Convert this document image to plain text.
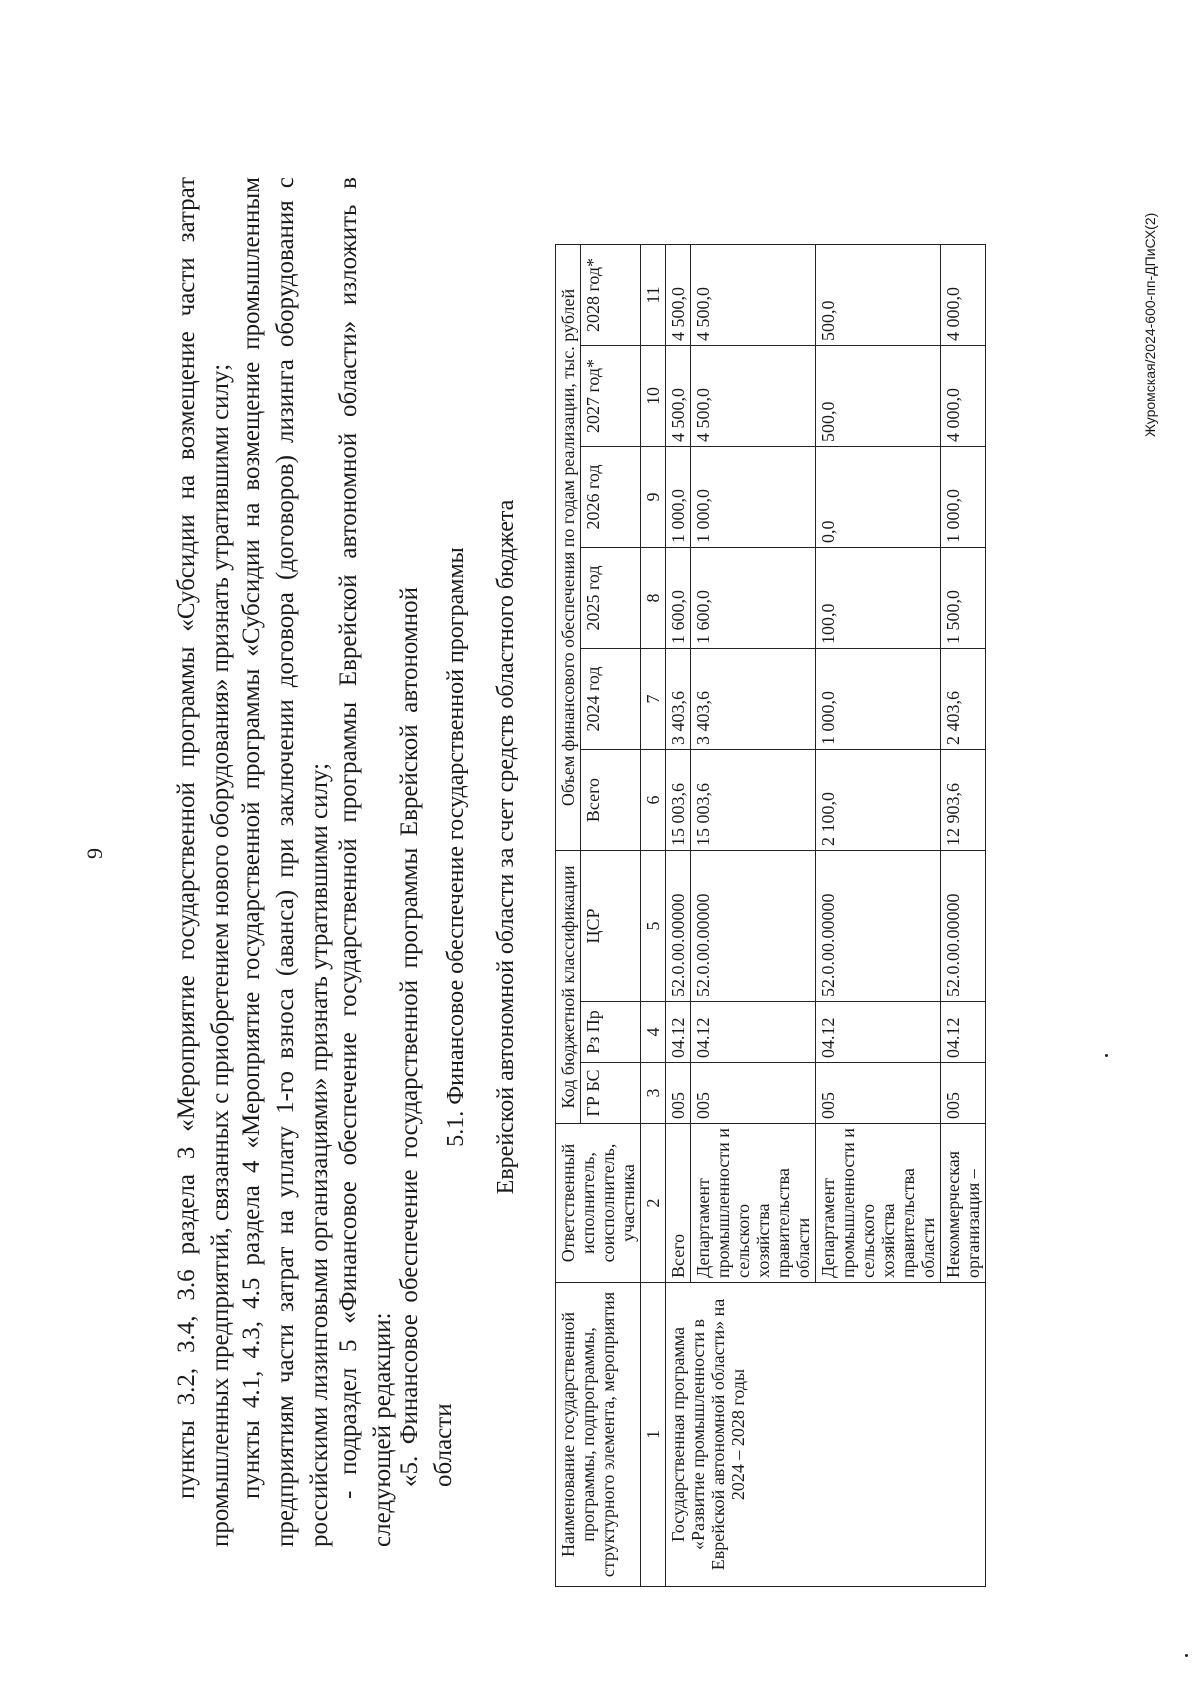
9	пункты 3.2, 3.4, 3.6 раздела 3 «Мероприятие государственной программы «Субсидии на возмещение части затрат промышленных предприятий, связанных с приобретением нового оборудования» признать утратившими силу; пункты 4.1, 4.3, 4.5 раздела 4 «Мероприятие государственной программы «Субсидии на возмещение промышленным предприятиям части затрат на уплату 1-го взноса (аванса) при заключении договора (договоров) лизинга оборудования с российскими лизинговыми организациями» признать утратившими силу; - подраздел 5 «Финансовое обеспечение государственной программы Еврейской автономной области» изложить в следующей редакции: «5. Финансовое обеспечение государственной программы Еврейской автономной области
5.1. Финансовое обеспечение государственной программы Еврейской автономной области за счет средств областного бюджета
Наименование государственной программы, подпрограммы, структурного элемента, мероприятия	Ответственный исполнитель, соисполнитель, участника	Код бюджетной классификации			Объем финансового обеспечения по годам реализации, тыс. рублей					
		ГР БС	Рз Пр	ЦСР	Всего	2024 год	2025 год	2026 год	2027 год*	2028 год*

1	2	3	4	5	6	7	8	9	10	11
Государственная программа «Развитие промышленности в Еврейской автономной области» на 2024 – 2028 годы	Всего	005	04.12	52.0.00.00000	15 003,6	3 403,6	1 600,0	1 000,0	4 500,0	4 500,0
	Департамент промышленности и сельского хозяйства правительства области	005	04.12	52.0.00.00000	15 003,6	3 403,6	1 600,0	1 000,0	4 500,0	4 500,0
	Департамент промышленности и сельского хозяйства правительства области	005	04.12	52.0.00.00000	2 100,0	1 000,0	100,0	0,0	500,0	500,0
	Некоммерческая организация –	005	04.12	52.0.00.00000	12 903,6	2 403,6	1 500,0	1 000,0	4 000,0	4 000,0	Журомская/2024-600-пп-ДПиСХ(2)
